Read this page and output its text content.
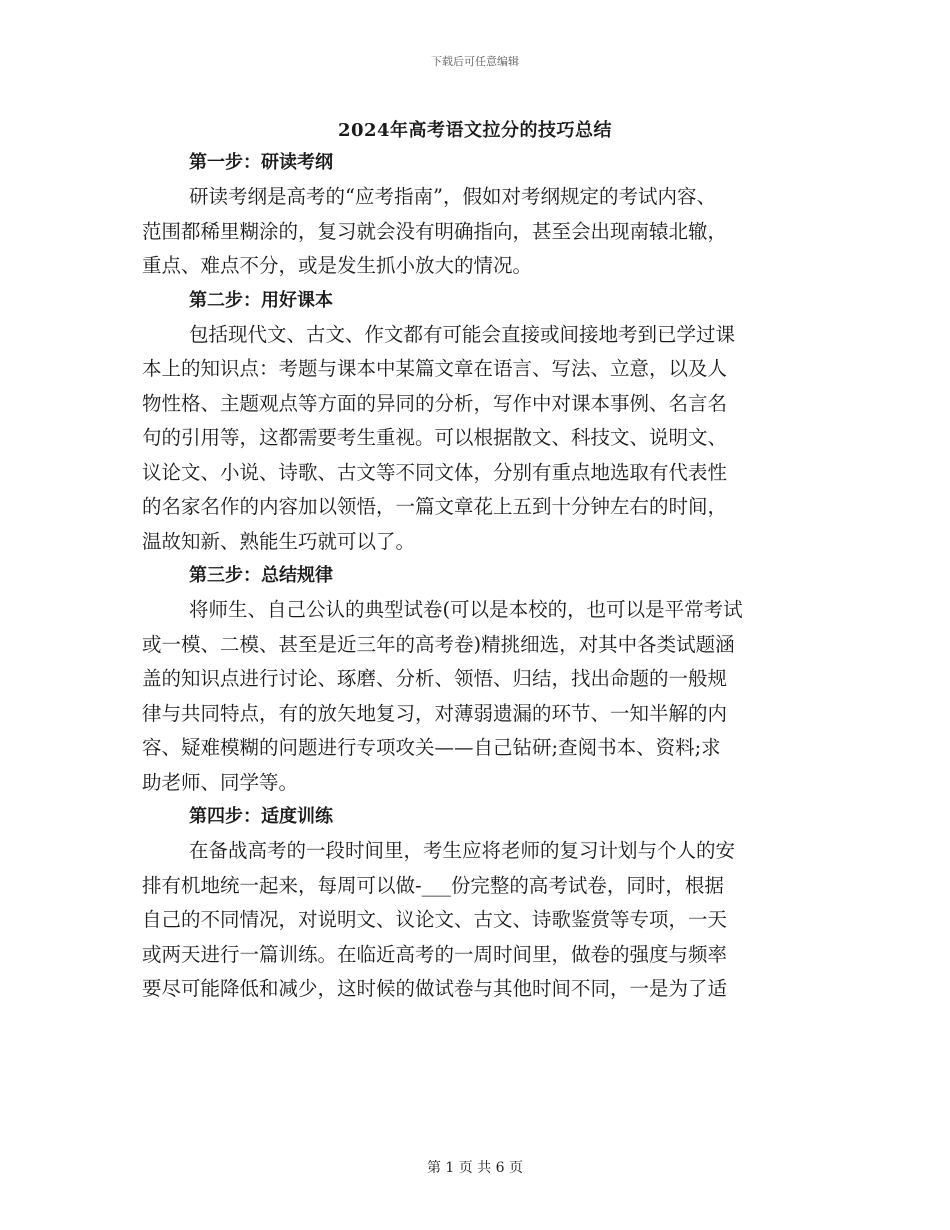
下载后可任意编辑
2024年高考语文拉分的技巧总结
第一步：研读考纲

研读考纲是高考的“应考指南”，假如对考纲规定的考试内容、
范围都稀里糊涂的，复习就会没有明确指向，甚至会出现南辕北辙，
重点、难点不分，或是发生抓小放大的情况。

第二步：用好课本

包括现代文、古文、作文都有可能会直接或间接地考到已学过课
本上的知识点：考题与课本中某篇文章在语言、写法、立意，以及人
物性格、主题观点等方面的异同的分析，写作中对课本事例、名言名
句的引用等，这都需要考生重视。可以根据散文、科技文、说明文、
议论文、小说、诗歌、古文等不同文体，分别有重点地选取有代表性
的名家名作的内容加以领悟，一篇文章花上五到十分钟左右的时间，
温故知新、熟能生巧就可以了。

第三步：总结规律

将师生、自己公认的典型试卷(可以是本校的，也可以是平常考试
或一模、二模、甚至是近三年的高考卷)精挑细选，对其中各类试题涵
盖的知识点进行讨论、琢磨、分析、领悟、归结，找出命题的一般规
律与共同特点，有的放矢地复习，对薄弱遗漏的环节、一知半解的内
容、疑难模糊的问题进行专项攻关——自己钻研;查阅书本、资料;求
助老师、同学等。

第四步：适度训练

在备战高考的一段时间里，考生应将老师的复习计划与个人的安
排有机地统一起来，每周可以做-___份完整的高考试卷，同时，根据
自己的不同情况，对说明文、议论文、古文、诗歌鉴赏等专项，一天
或两天进行一篇训练。在临近高考的一周时间里，做卷的强度与频率
要尽可能降低和减少，这时候的做试卷与其他时间不同，一是为了适

第 1 页 共 6 页
